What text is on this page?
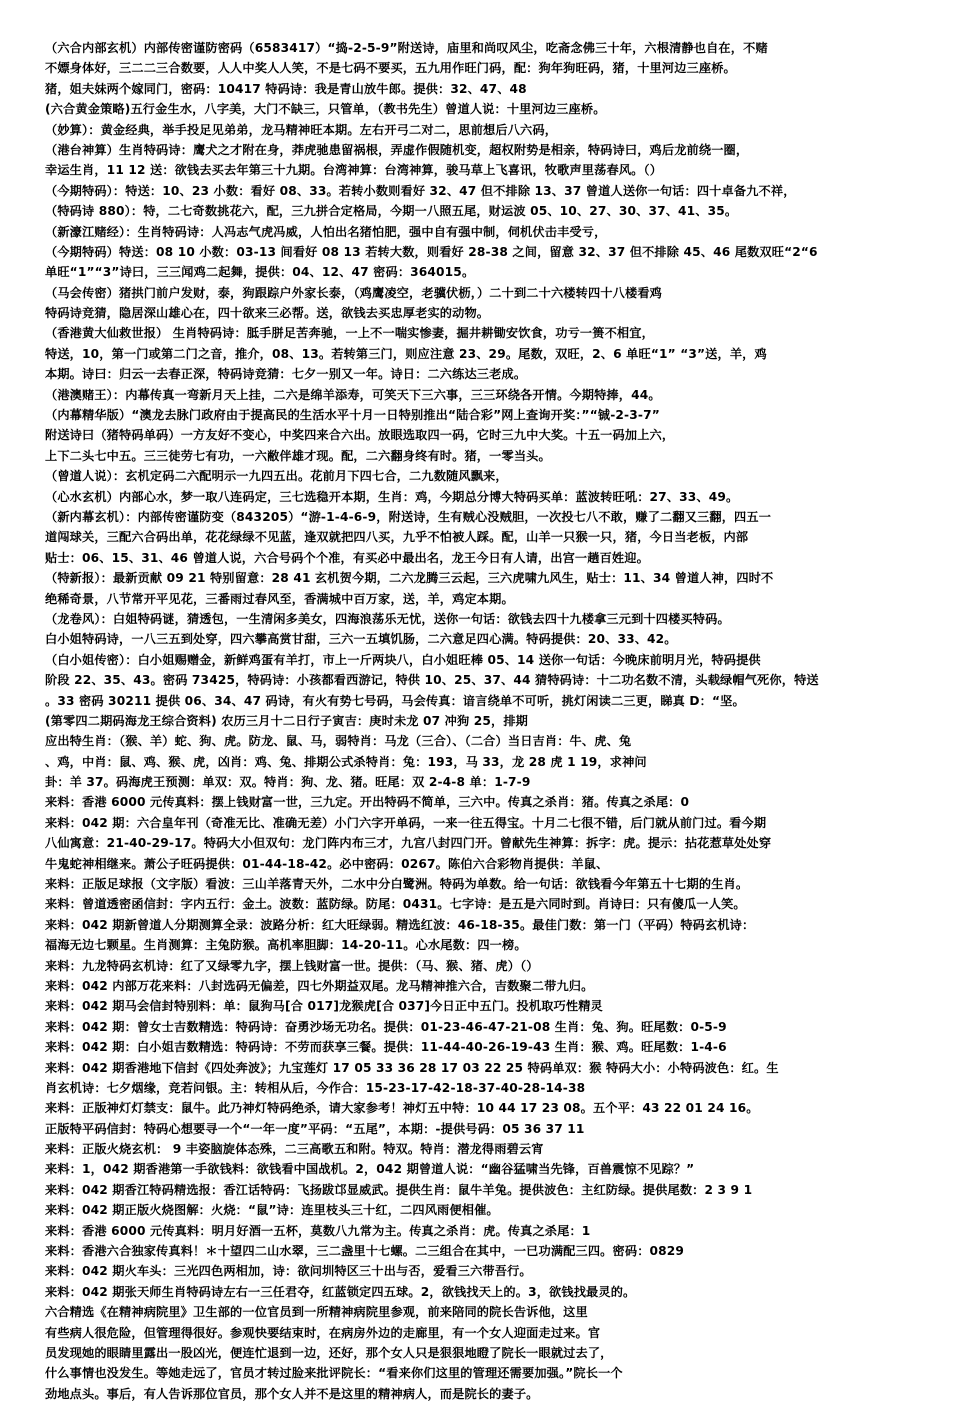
（六合内部玄机）内部传密谨防密码（6583417）“捣-2-5-9”附送诗，庙里和尚叹风尘，吃斋念佛三十年，六根清静也自在，不赌
不嫖身体好，三二二三合数要，人人中奖人人笑，不是七码不要买，五九用作旺门码，配：狗年狗旺码，猪，十里河边三座桥。
猪，姐夫妹两个嫁同门，密码：10417 特码诗：我是青山放牛郎。提供：32、47、48
(六合黄金策略)五行金生水，八字美，大门不缺三，只管单，（教书先生）曾道人说：十里河边三座桥。
（妙算）：黄金经典，举手投足见弟弟，龙马精神旺本期。左右开弓二对二，思前想后八六码，
（港台神算）生肖特码诗：鹰犬之才附在身，莽虎驰患留祸根，弄虚作假随机变，超权附势是相亲，特码诗曰，鸡后龙前绕一圈，
幸运生肖，11 12 送：欲钱去买去年第三十九期。台湾神算：台湾神算，骏马草上飞喜讯，牧歌声里荡春风。（）
（今期特码）：特送：10、23 小数：看好 08、33。若转小数则看好 32、47 但不排除 13、37 曾道人送你一句话：四十卓备九不祥，
（特码诗 880）：特，二七奇数挑花六，配，三九拼合定格局，今期一八照五尾，财运波 05、10、27、30、37、41、35。
（新濠江赌经）：生肖特码诗：人冯志气虎冯威，人怕出名猪怕肥，强中自有强中制，伺机伏击丰受亏，
（今期特码）特送：08 10 小数：03-13 间看好 08 13 若转大数，则看好 28-38 之间，留意 32、37 但不排除 45、46 尾数双旺“2“6
单旺“1”“3”诗曰，三三闻鸡二起舞，提供：04、12、47 密码：364015。
（马会传密）猪拱门前户发财，泰，狗跟踪户外家长泰，（鸡鹰凌空，老骥伏枥，）二十到二十六楼转四十八楼看鸡
特码诗竞猜，隐居深山雄心在，四十欲来三必帮。送，欲钱去买忠厚老实的动物。
（香港黄大仙救世报） 生肖特码诗：胝手胼足苦奔驰，一上不一喘实惨妻，掘井耕锄安饮食，功亏一篑不相宜，
特送，10，第一门或第二门之音，推介，08、13。若转第三门，则应注意 23、29。尾数，双旺，2、6 单旺“1” “3”送，羊，鸡
本期。诗曰：归云一去春正深，特码诗竞猜：七夕一别又一年。诗日：二六练达三老成。
（港澳赌王）：内幕传真一弯新月天上挂，二六是绵羊添寿，可笑天下三六事，三三环绕各开情。今期特捧，44。
（内幕精华版）“澳龙去脉门政府由于提高民的生活水平十月一日特别推出“陆合彩”网上查询开奖：”“铖-2-3-7”
附送诗曰（猪特码单码）一方友好不变心，中奖四来合六出。放眼选取四一码，它时三九中大奖。十五一码加上六，
上下二头七中五。三三徒劳七有功，一六敝伴雄才现。配，二六翻身终有时。猪，一零当头。
（曾道人说）：玄机定码二六配明示一九四五出。花前月下四七合，二九数随风飘来，
（心水玄机）内部心水，梦一取八连码定，三七选稳开本期，生肖：鸡，今期总分博大特码买单：蓝波转旺吼：27、33、49。
（新内幕玄机）：内部传密谨防变（843205）“游-1-4-6-9，附送诗，生有贼心没贼胆，一次投七八不敢，赚了二翻又三翻，四五一
道闯球关，三配六合码出单，花花绿绿不见蓝，逢双就把四八买，九乎不怕被人踩。配，山羊一只猴一只，猪，今日当老板，内部
贴士：06、15、31、46 曾道人说，六合号码个个准，有买必中最出名，龙王今日有人请，出宫一趟百姓迎。
（特新报）：最新贡献 09 21 特别留意：28 41 玄机贺今期，二六龙腾三云起，三六虎啸九风生，贴士：11、34 曾道人神，四时不
绝稀奇景，八节常开平见花，三番雨过春风至，香满城中百万家，送，羊，鸡定本期。
（龙卷风）：白姐特码谜，猜透包，一生清闲多美女，四海浪荡乐无忧，送你一句话：欲钱去四十九楼拿三元到十四楼买特码。
白小姐特码诗，一八三五到处穿，四六攀高赏甘甜，三六一五填饥肠，二六意足四心满。特码提供：20、33、42。
（白小姐传密）：白小姐赐赠金，新鲜鸡蛋有羊打，市上一斤两块八，白小姐旺棒 05、14 送你一句话：今晚床前明月光，特码提供
阶段 22、35、43。密码 73425，特码诗：小孩都看西游记，特供 10、25、37、44 猜特码诗：十二功名数不清，头载绿帽气死你，特送
。33 密码 30211 提供 06、34、47 码诗，有火有势七号码，马会传真：谙言绕单不可听，挑灯闲读二三更，睇真 D：“坚。
(第零四二期码海龙王综合资料) 农历三月十二日行子寅吉：庚时未龙 07 冲狗 25，排期
应出特生肖：（猴、羊）蛇、狗、虎。防龙、鼠、马，弱特肖：马龙（三合）、（二合）当日吉肖：牛、虎、兔
、鸡，中肖：鼠、鸡、猴、虎，凶肖：鸡、兔、排期公式杀特肖：兔：193，马 33，龙 28 虎 1 19，求神问
卦：羊 37。码海虎王预测：单双：双。特肖：狗、龙、猪。旺尾：双 2-4-8 单：1-7-9
来料：香港 6000 元传真料：摆上钱财富一世，三九定。开出特码不简单，三六中。传真之杀肖：猪。传真之杀尾：0
来料：042 期：六合皇年刊（奇准无比、准确无差）小门六字开单码，一来一往五得宝。十月二七很不错，后门就从前门过。看今期
八仙寓意：21-40-29-17。特码大小但双句：龙门阵内布三才，九宫八封四门开。曾献先生神算：拆字：虎。提示：拈花惹草处处穿
牛鬼蛇神相继来。萧公子旺码提供：01-44-18-42。必中密码：0267。陈伯六合彩物肖提供：羊鼠、
来料：正版足球报（文字版）看波：三山羊落青天外，二水中分白鹭洲。特码为单数。给一句话：欲钱看今年第五十七期的生肖。
来料：曾道透密函信封：字内五行：金土。波数：蓝防绿。防尾：0431。七字诗：是五是六同时到。肖诗曰：只有傻瓜一人笑。
来料：042 期新曾道人分期测算全录：波路分析：红大旺绿弱。精选红波：46-18-35。最佳门数：第一门（平码）特码玄机诗：
福海无边七颗星。生肖测算：主兔防猴。高机率胆脚：14-20-11。心水尾数：四一榜。
来料：九龙特码玄机诗：红了又绿零九字，摆上钱财富一世。提供：（马、猴、猪、虎）（）
来料：042 内部万花来料：八封选码无偏差，四七外期益双尾。龙马精神推六合，吉数聚二带九归。
来料：042 期马会信封特别料：单：鼠狗马[合 017]龙猴虎[合 037]今日正中五门。投机取巧性精灵
来料：042 期：曾女士吉数精选：特码诗：奋勇沙场无功名。提供：01-23-46-47-21-08 生肖：兔、狗。旺尾数：0-5-9
来料：042 期：白小姐吉数精选：特码诗：不劳而获享三餐。提供：11-44-40-26-19-43 生肖：猴、鸡。旺尾数：1-4-6
来料：042 期香港地下信封《四处奔波》；九宝莲灯 17 05 33 36 28 17 03 22 25 特码单双：猴 特码大小：小特码波色：红。生
肖玄机诗：七夕烟缘，竞若问银。主：转相从后，今作合：15-23-17-42-18-37-40-28-14-38
来料：正版神灯灯禁支：鼠牛。此乃神灯特码绝杀，请大家参考！神灯五中特：10 44 17 23 08。五个平：43 22 01 24 16。
正版特平码信封：特码心想要寻一个“一年一度”平码：“五尾”，本期：-提供号码：05 36 37 11
来料：正版火烧玄机： 9 丰姿脑旋体态殊，二三高歌五和附。特双。特肖：潜龙得雨碧云宵
来料：1，042 期香港第一手欲钱料：欲钱看中国战机。2，042 期曾道人说：“幽谷猛啸当先锋，百兽震惊不见踪？”
来料：042 期香江特码精选报：香江话特码：飞扬跋邙显威武。提供生肖：鼠牛羊兔。提供波色：主红防绿。提供尾数：2 3 9 1
来料：042 期正版火烧图解：火烧：“鼠”诗：连里枝头三十红，二四风雨便相催。
来料：香港 6000 元传真料：明月好酒一五杯，莫数八九常为主。传真之杀肖：虎。传真之杀尾：1
来料：香港六合独家传真料！＊十望四二山水翠，三二盏里十七螺。二三组合在其中，一已功满配三四。密码：0829
来料：042 期火车头：三光四色两相加，诗：欲问圳特区三十出与否，爱看三六带吾行。
来料：042 期张天师生肖特码诗左右一三任君夺，红蓝锁定四五球。2，欲钱找天上的。3，欲钱找最灵的。
六合精选《在精神病院里》卫生部的一位官员到一所精神病院里参观，前来陪同的院长告诉他，这里
有些病人很危险，但管理得很好。参观快要结束时，在病房外边的走廊里，有一个女人迎面走过来。官
员发现她的眼睛里露出一股凶光，便连忙退到一边，还好，那个女人只是狠狠地瞪了院长一眼就过去了，
什么事情也没发生。等她走远了，官员才转过脸来批评院长：“看来你们这里的管理还需要加强。”院长一个
劲地点头。事后，有人告诉那位官员，那个女人并不是这里的精神病人，而是院长的妻子。
